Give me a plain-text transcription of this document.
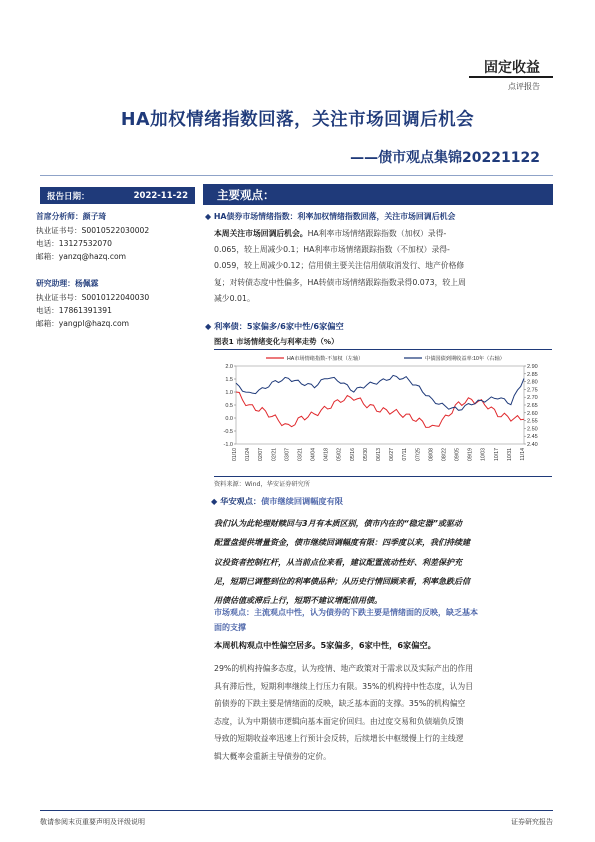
固定收益
点评报告
HA加权情绪指数回落，关注市场回调后机会
——债市观点集锦20221122
报告日期：	2022-11-22
首席分析师：颜子琦
执业证书号：S0010522030002
电话：13127532070
邮箱：yanzq@hazq.com
研究助理：杨佩霖
执业证书号：S0010122040030
电话：17861391391
邮箱：yangpl@hazq.com
主要观点：
◆ HA债券市场情绪指数：利率加权情绪指数回落，关注市场回调后机会
本周关注市场回调后机会。HA利率市场情绪跟踪指数（加权）录得-
0.065，较上周减少0.1；HA利率市场情绪跟踪指数（不加权）录得-
0.059，较上周减少0.12；信用债主要关注信用债取消发行、地产价格修
复；对转债态度中性偏多，HA转债市场情绪跟踪指数录得0.073，较上周
减少0.01。
◆ 利率债：5家偏多/6家中性/6家偏空
图表1 市场情绪变化与利率走势（%）
2.0
1.5
1.0
0.5
0.0
-0.5
-1.0
2.90
2.85
2.80
2.75
2.70
2.65
2.60
2.55
2.50
2.45
2.40
01/10 01/24 02/07 02/21 03/07 03/21 04/04 04/18 05/02 05/16 05/30 06/13 06/27 07/11 07/25 08/08 08/22 09/05 09/19 10/03 10/17 10/31 11/14
HA市场情绪指数-不加权（左轴）	中债国债到期收益率:10年（右轴）
资料来源：Wind，华安证券研究所
◆ 华安观点：债市继续回调幅度有限
我们认为此轮理财赎回与3月有本质区别，债市内在的“稳定器”或驱动
配置盘提供增量资金，债市继续回调幅度有限：四季度以来，我们持续建
议投资者控制杠杆，从当前点位来看，建议配置流动性好、利差保护充
足，短期已调整到位的利率债品种；从历史行情回顾来看，利率急跌后信
用债估值或滞后上行，短期不建议增配信用债。
市场观点：主流观点中性，认为债券的下跌主要是情绪面的反映，缺乏基本
面的支撑
本周机构观点中性偏空居多。5家偏多，6家中性，6家偏空。
29%的机构持偏多态度，认为疫情、地产政策对于需求以及实际产出的作用
具有滞后性，短期利率继续上行压力有限。35%的机构持中性态度，认为目
前债券的下跌主要是情绪面的反映，缺乏基本面的支撑。35%的机构偏空
态度，认为中期债市逻辑向基本面定价回归。由过度交易和负债端负反馈
导致的短期收益率迅速上行预计会反转，后续增长中枢缓慢上行的主线逻
辑大概率会重新主导债券的定价。
敬请参阅末页重要声明及评级说明	证券研究报告
